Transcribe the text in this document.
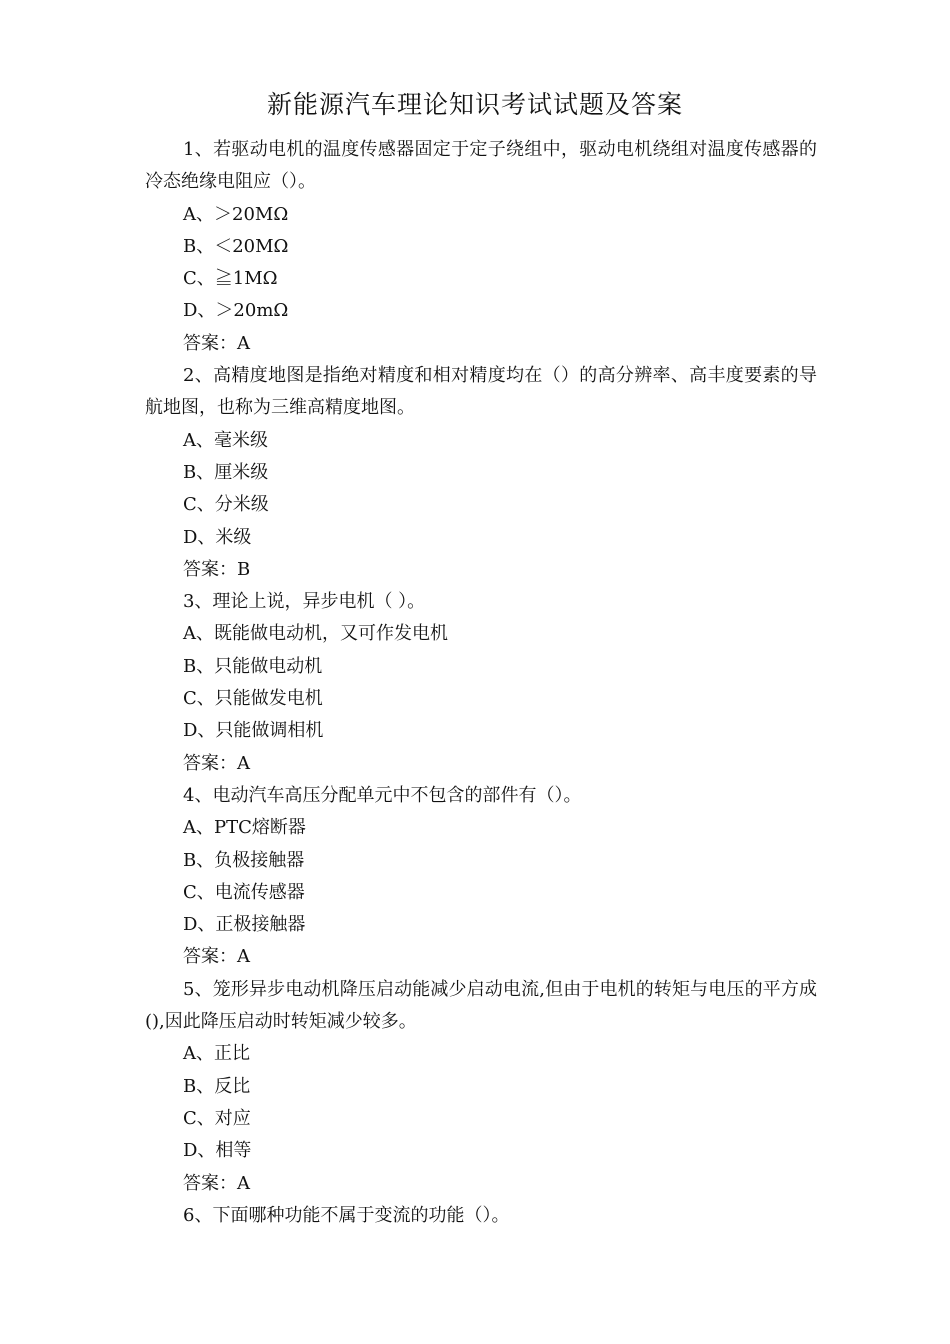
新能源汽车理论知识考试试题及答案
1、若驱动电机的温度传感器固定于定子绕组中，驱动电机绕组对温度传感器的冷态绝缘电阻应（）。
A、＞20MΩ
B、＜20MΩ
C、≧1MΩ
D、＞20mΩ
答案：A
2、高精度地图是指绝对精度和相对精度均在（）的高分辨率、高丰度要素的导航地图，也称为三维高精度地图。
A、毫米级
B、厘米级
C、分米级
D、米级
答案：B
3、理论上说，异步电机（ ）。
A、既能做电动机，又可作发电机
B、只能做电动机
C、只能做发电机
D、只能做调相机
答案：A
4、电动汽车高压分配单元中不包含的部件有（）。
A、PTC熔断器
B、负极接触器
C、电流传感器
D、正极接触器
答案：A
5、笼形异步电动机降压启动能减少启动电流,但由于电机的转矩与电压的平方成(),因此降压启动时转矩减少较多。
A、正比
B、反比
C、对应
D、相等
答案：A
6、下面哪种功能不属于变流的功能（）。
